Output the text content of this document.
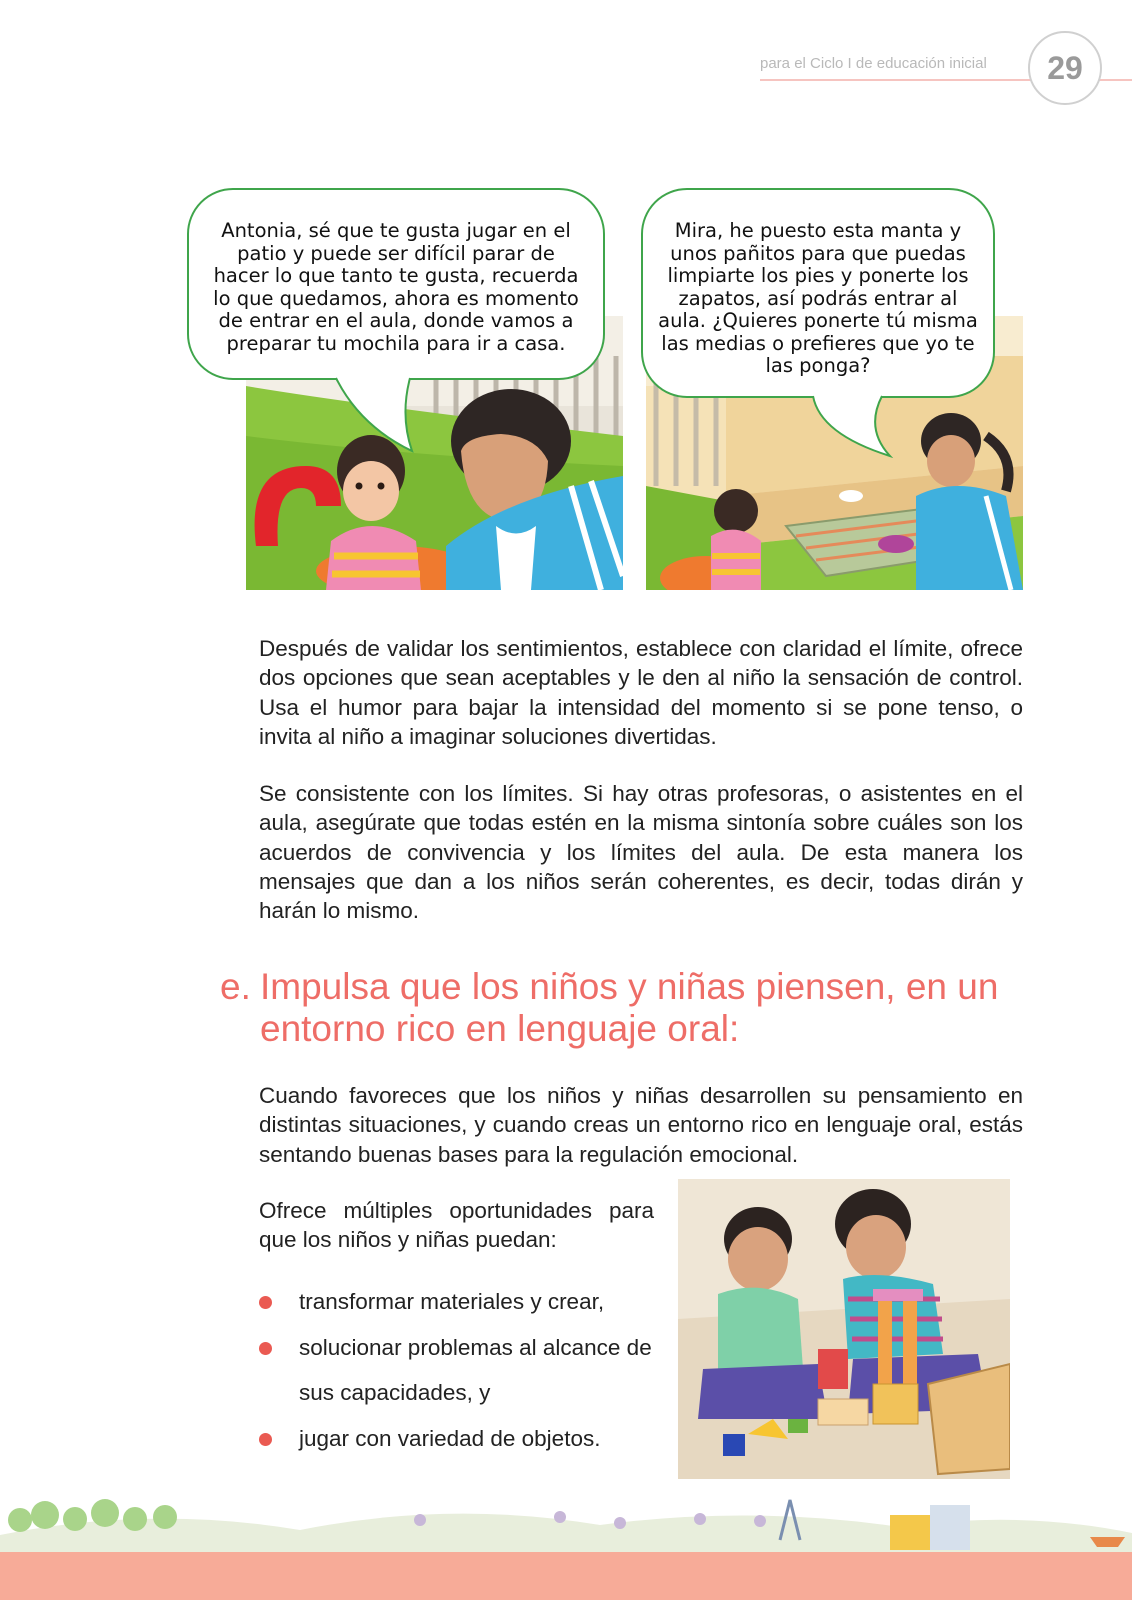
para el Ciclo I de educación inicial	29
Antonia, sé que te gusta jugar en el patio y puede ser difícil parar de hacer lo que tanto te gusta, recuerda lo que quedamos, ahora es momento de entrar en el aula, donde vamos a preparar tu mochila para ir a casa.
Mira, he puesto esta manta y unos pañitos para que puedas limpiarte los pies y ponerte los zapatos, así podrás entrar al aula. ¿Quieres ponerte tú misma las medias o prefieres que yo te las ponga?

Después de validar los sentimientos, establece con claridad el límite, ofrece dos opciones que sean aceptables y le den al niño la sensación de control. Usa el humor para bajar la intensidad del momento si se pone tenso, o invita al niño a imaginar soluciones divertidas.

Se consistente con los límites. Si hay otras profesoras, o asistentes en el aula, asegúrate que todas estén en la misma sintonía sobre cuáles son los acuerdos de convivencia y los límites del aula. De esta manera los mensajes que dan a los niños serán coherentes, es decir, todas dirán y harán lo mismo.

e. Impulsa que los niños y niñas piensen, en un entorno rico en lenguaje oral:

Cuando favoreces que los niños y niñas desarrollen su pensamiento en distintas situaciones, y cuando creas un entorno rico en lenguaje oral, estás sentando buenas bases para la regulación emocional.

Ofrece múltiples oportunidades para que los niños y niñas puedan:

transformar materiales y crear,
solucionar problemas al alcance de sus capacidades, y
jugar con variedad de objetos.
